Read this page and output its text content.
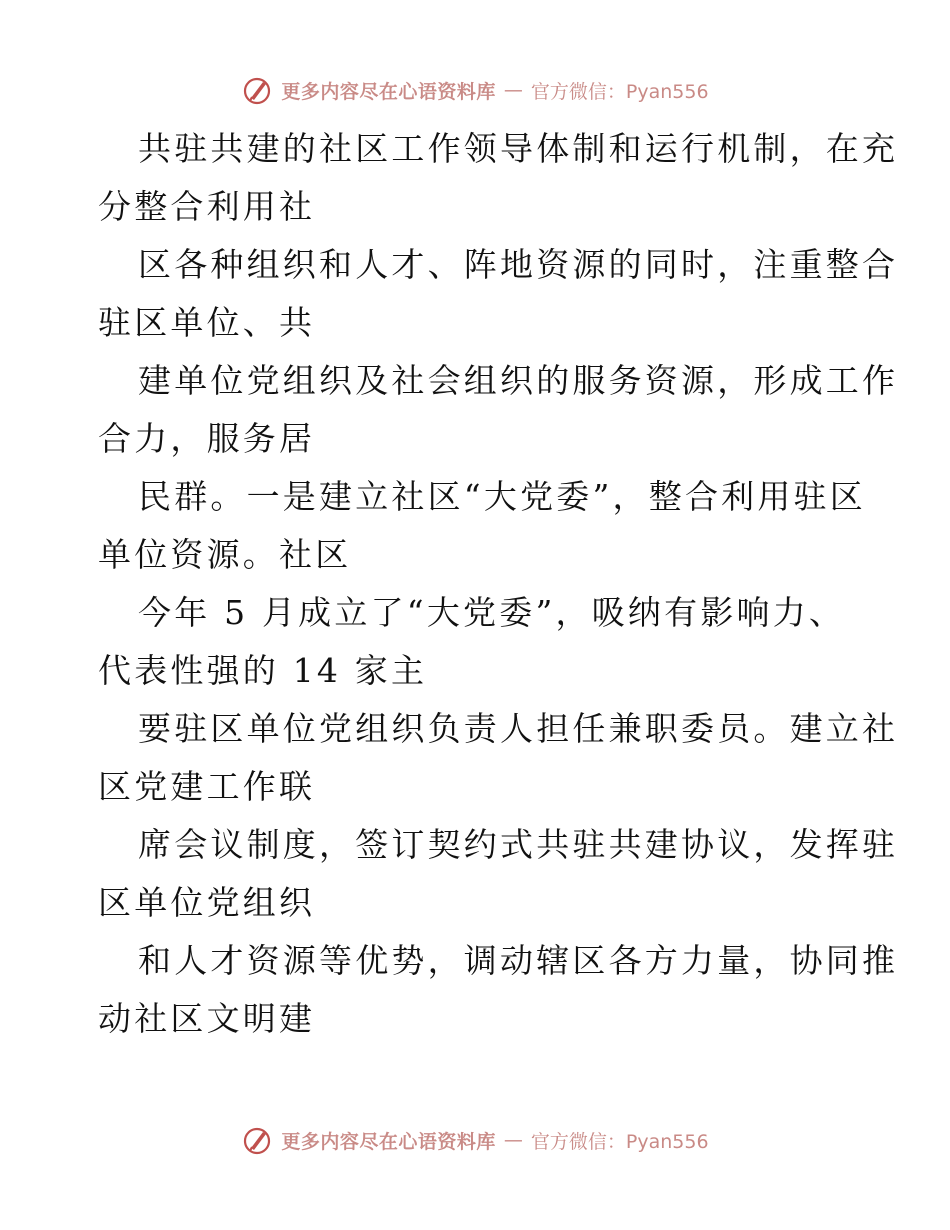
更多内容尽在心语资料库 — 官方微信：Pyan556

共驻共建的社区工作领导体制和运行机制，在充
分整合利用社

区各种组织和人才、阵地资源的同时，注重整合
驻区单位、共

建单位党组织及社会组织的服务资源，形成工作
合力，服务居

民群。一是建立社区“大党委”，整合利用驻区
单位资源。社区

今年 5 月成立了“大党委”，吸纳有影响力、
代表性强的 14 家主

要驻区单位党组织负责人担任兼职委员。建立社
区党建工作联

席会议制度，签订契约式共驻共建协议，发挥驻
区单位党组织

和人才资源等优势，调动辖区各方力量，协同推
动社区文明建

更多内容尽在心语资料库 — 官方微信：Pyan556
